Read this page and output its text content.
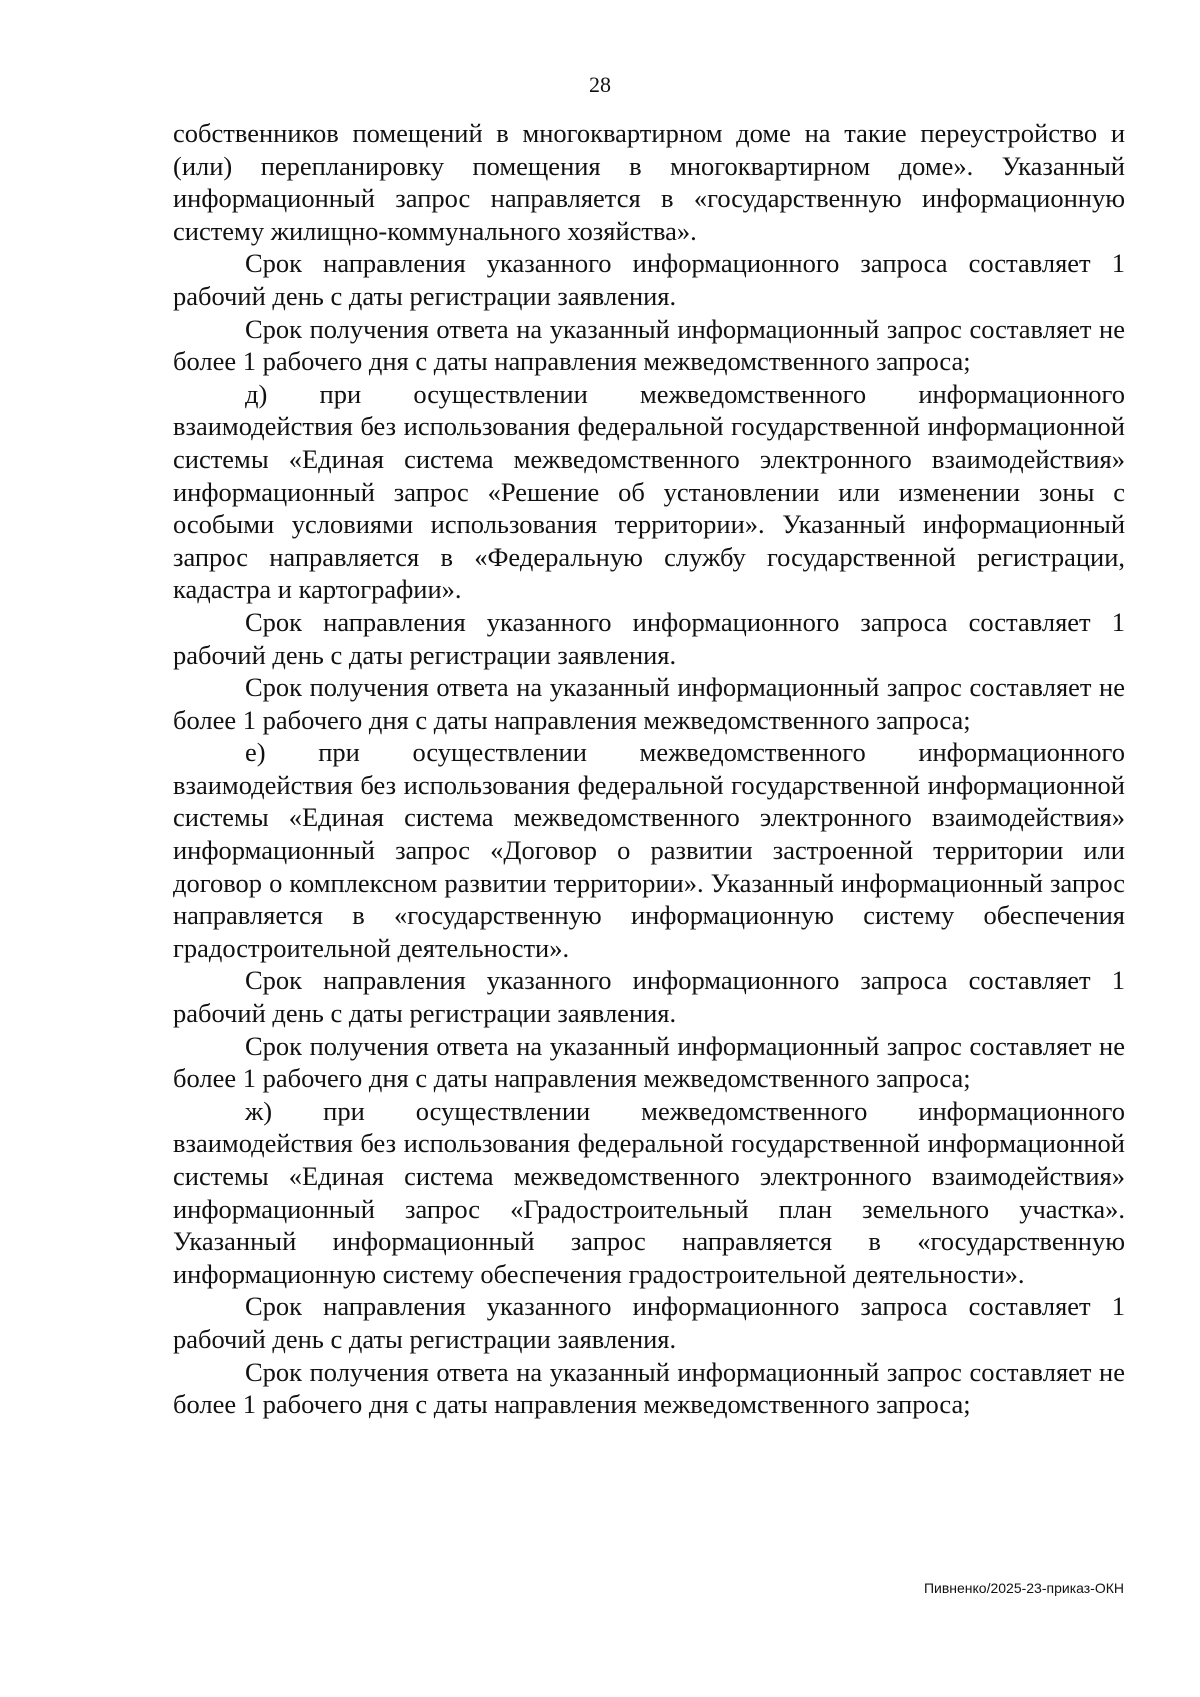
28

собственников помещений в многоквартирном доме на такие переустройство и (или) перепланировку помещения в многоквартирном доме». Указанный информационный запрос направляется в «государственную информационную систему жилищно-коммунального хозяйства».

Срок направления указанного информационного запроса составляет 1 рабочий день с даты регистрации заявления.

Срок получения ответа на указанный информационный запрос составляет не более 1 рабочего дня с даты направления межведомственного запроса;

д) при осуществлении межведомственного информационного взаимодействия без использования федеральной государственной информационной системы «Единая система межведомственного электронного взаимодействия» информационный запрос «Решение об установлении или изменении зоны с особыми условиями использования территории». Указанный информационный запрос направляется в «Федеральную службу государственной регистрации, кадастра и картографии».

Срок направления указанного информационного запроса составляет 1 рабочий день с даты регистрации заявления.

Срок получения ответа на указанный информационный запрос составляет не более 1 рабочего дня с даты направления межведомственного запроса;

е) при осуществлении межведомственного информационного взаимодействия без использования федеральной государственной информационной системы «Единая система межведомственного электронного взаимодействия» информационный запрос «Договор о развитии застроенной территории или договор о комплексном развитии территории». Указанный информационный запрос направляется в «государственную информационную систему обеспечения градостроительной деятельности».

Срок направления указанного информационного запроса составляет 1 рабочий день с даты регистрации заявления.

Срок получения ответа на указанный информационный запрос составляет не более 1 рабочего дня с даты направления межведомственного запроса;

ж) при осуществлении межведомственного информационного взаимодействия без использования федеральной государственной информационной системы «Единая система межведомственного электронного взаимодействия» информационный запрос «Градостроительный план земельного участка». Указанный информационный запрос направляется в «государственную информационную систему обеспечения градостроительной деятельности».

Срок направления указанного информационного запроса составляет 1 рабочий день с даты регистрации заявления.

Срок получения ответа на указанный информационный запрос составляет не более 1 рабочего дня с даты направления межведомственного запроса;

Пивненко/2025-23-приказ-ОКН
